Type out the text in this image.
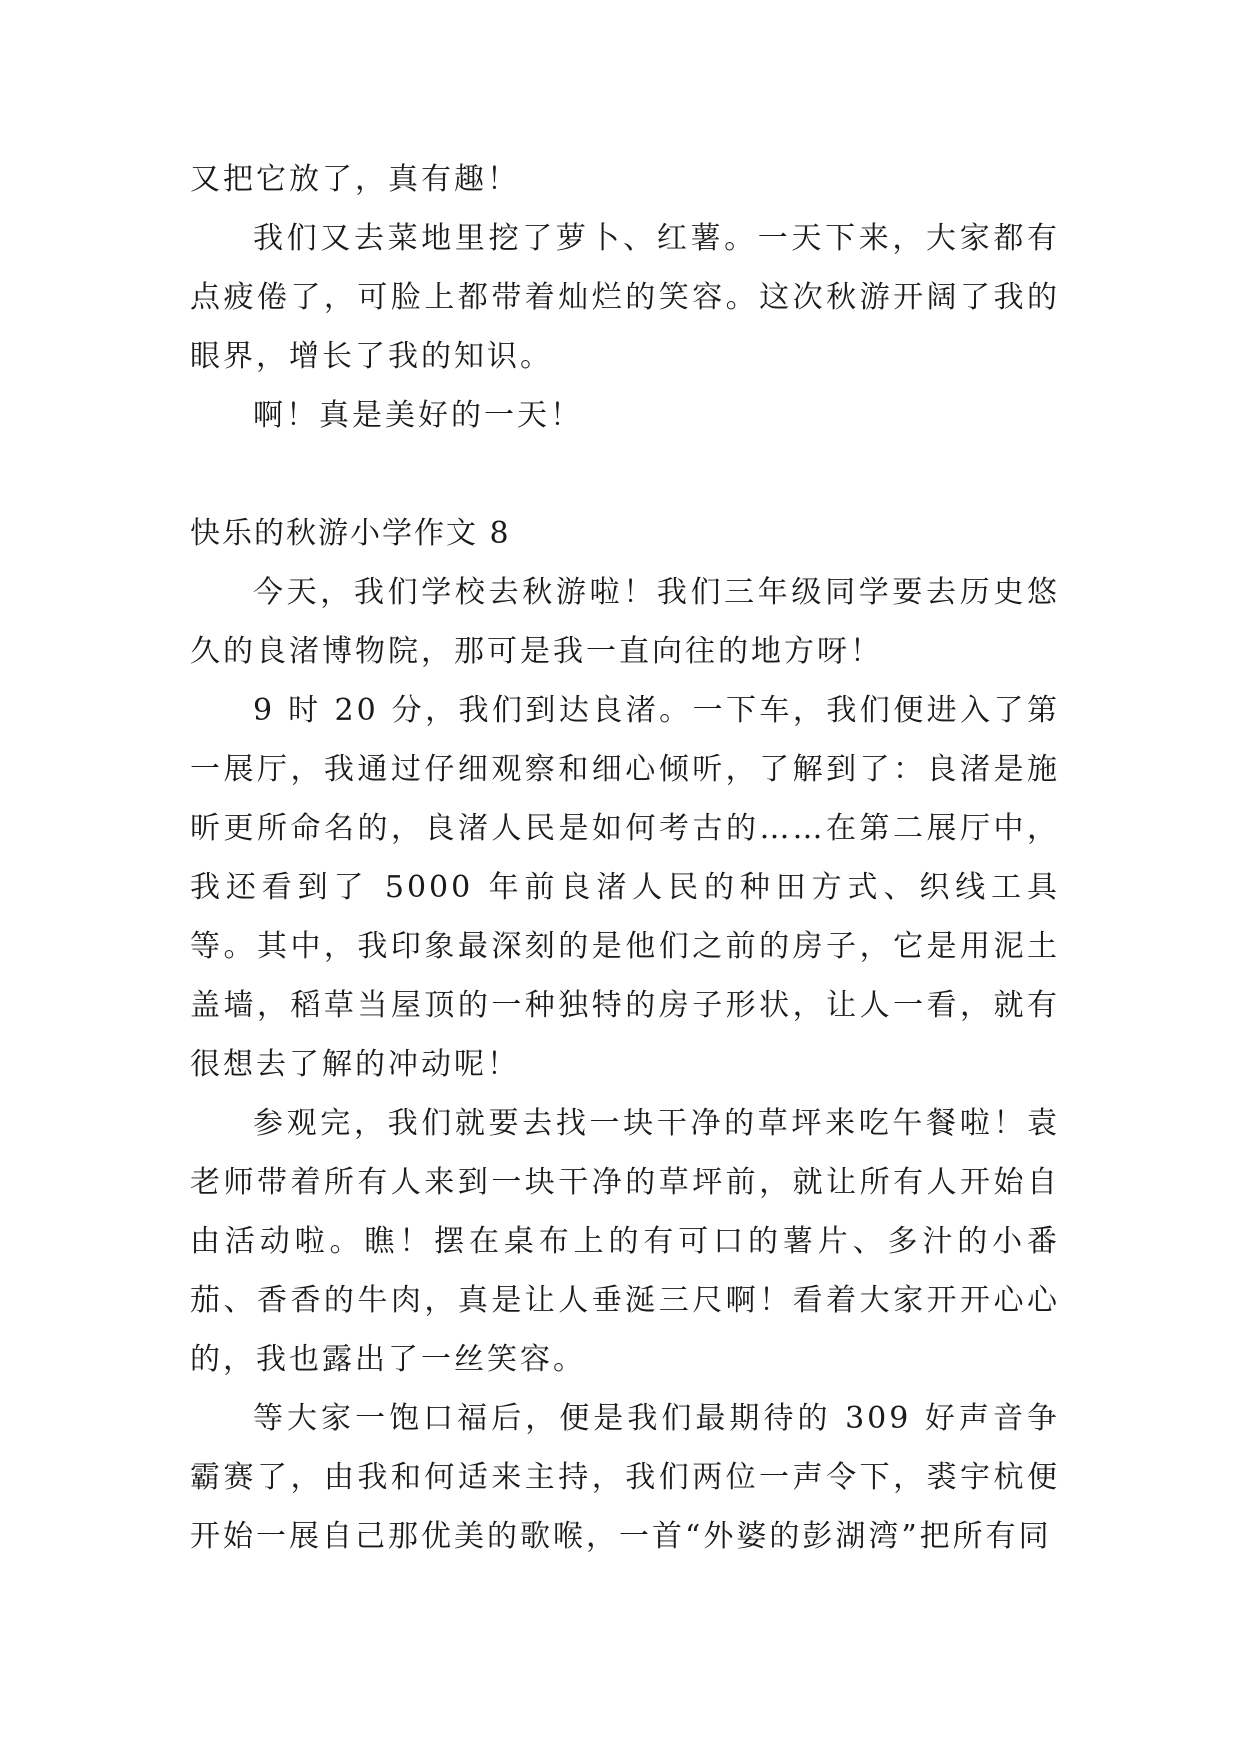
又把它放了，真有趣！

我们又去菜地里挖了萝卜、红薯。一天下来，大家都有点疲倦了，可脸上都带着灿烂的笑容。这次秋游开阔了我的眼界，增长了我的知识。

啊！真是美好的一天！

快乐的秋游小学作文 8

今天，我们学校去秋游啦！我们三年级同学要去历史悠久的良渚博物院，那可是我一直向往的地方呀！

9 时 20 分，我们到达良渚。一下车，我们便进入了第一展厅，我通过仔细观察和细心倾听，了解到了：良渚是施昕更所命名的，良渚人民是如何考古的……在第二展厅中，我还看到了 5000 年前良渚人民的种田方式、织线工具等。其中，我印象最深刻的是他们之前的房子，它是用泥土盖墙，稻草当屋顶的一种独特的房子形状，让人一看，就有很想去了解的冲动呢！

参观完，我们就要去找一块干净的草坪来吃午餐啦！袁老师带着所有人来到一块干净的草坪前，就让所有人开始自由活动啦。瞧！摆在桌布上的有可口的薯片、多汁的小番茄、香香的牛肉，真是让人垂涎三尺啊！看着大家开开心心的，我也露出了一丝笑容。

等大家一饱口福后，便是我们最期待的 309 好声音争霸赛了，由我和何适来主持，我们两位一声令下，裘宇杭便开始一展自己那优美的歌喉，一首“外婆的彭湖湾”把所有同
